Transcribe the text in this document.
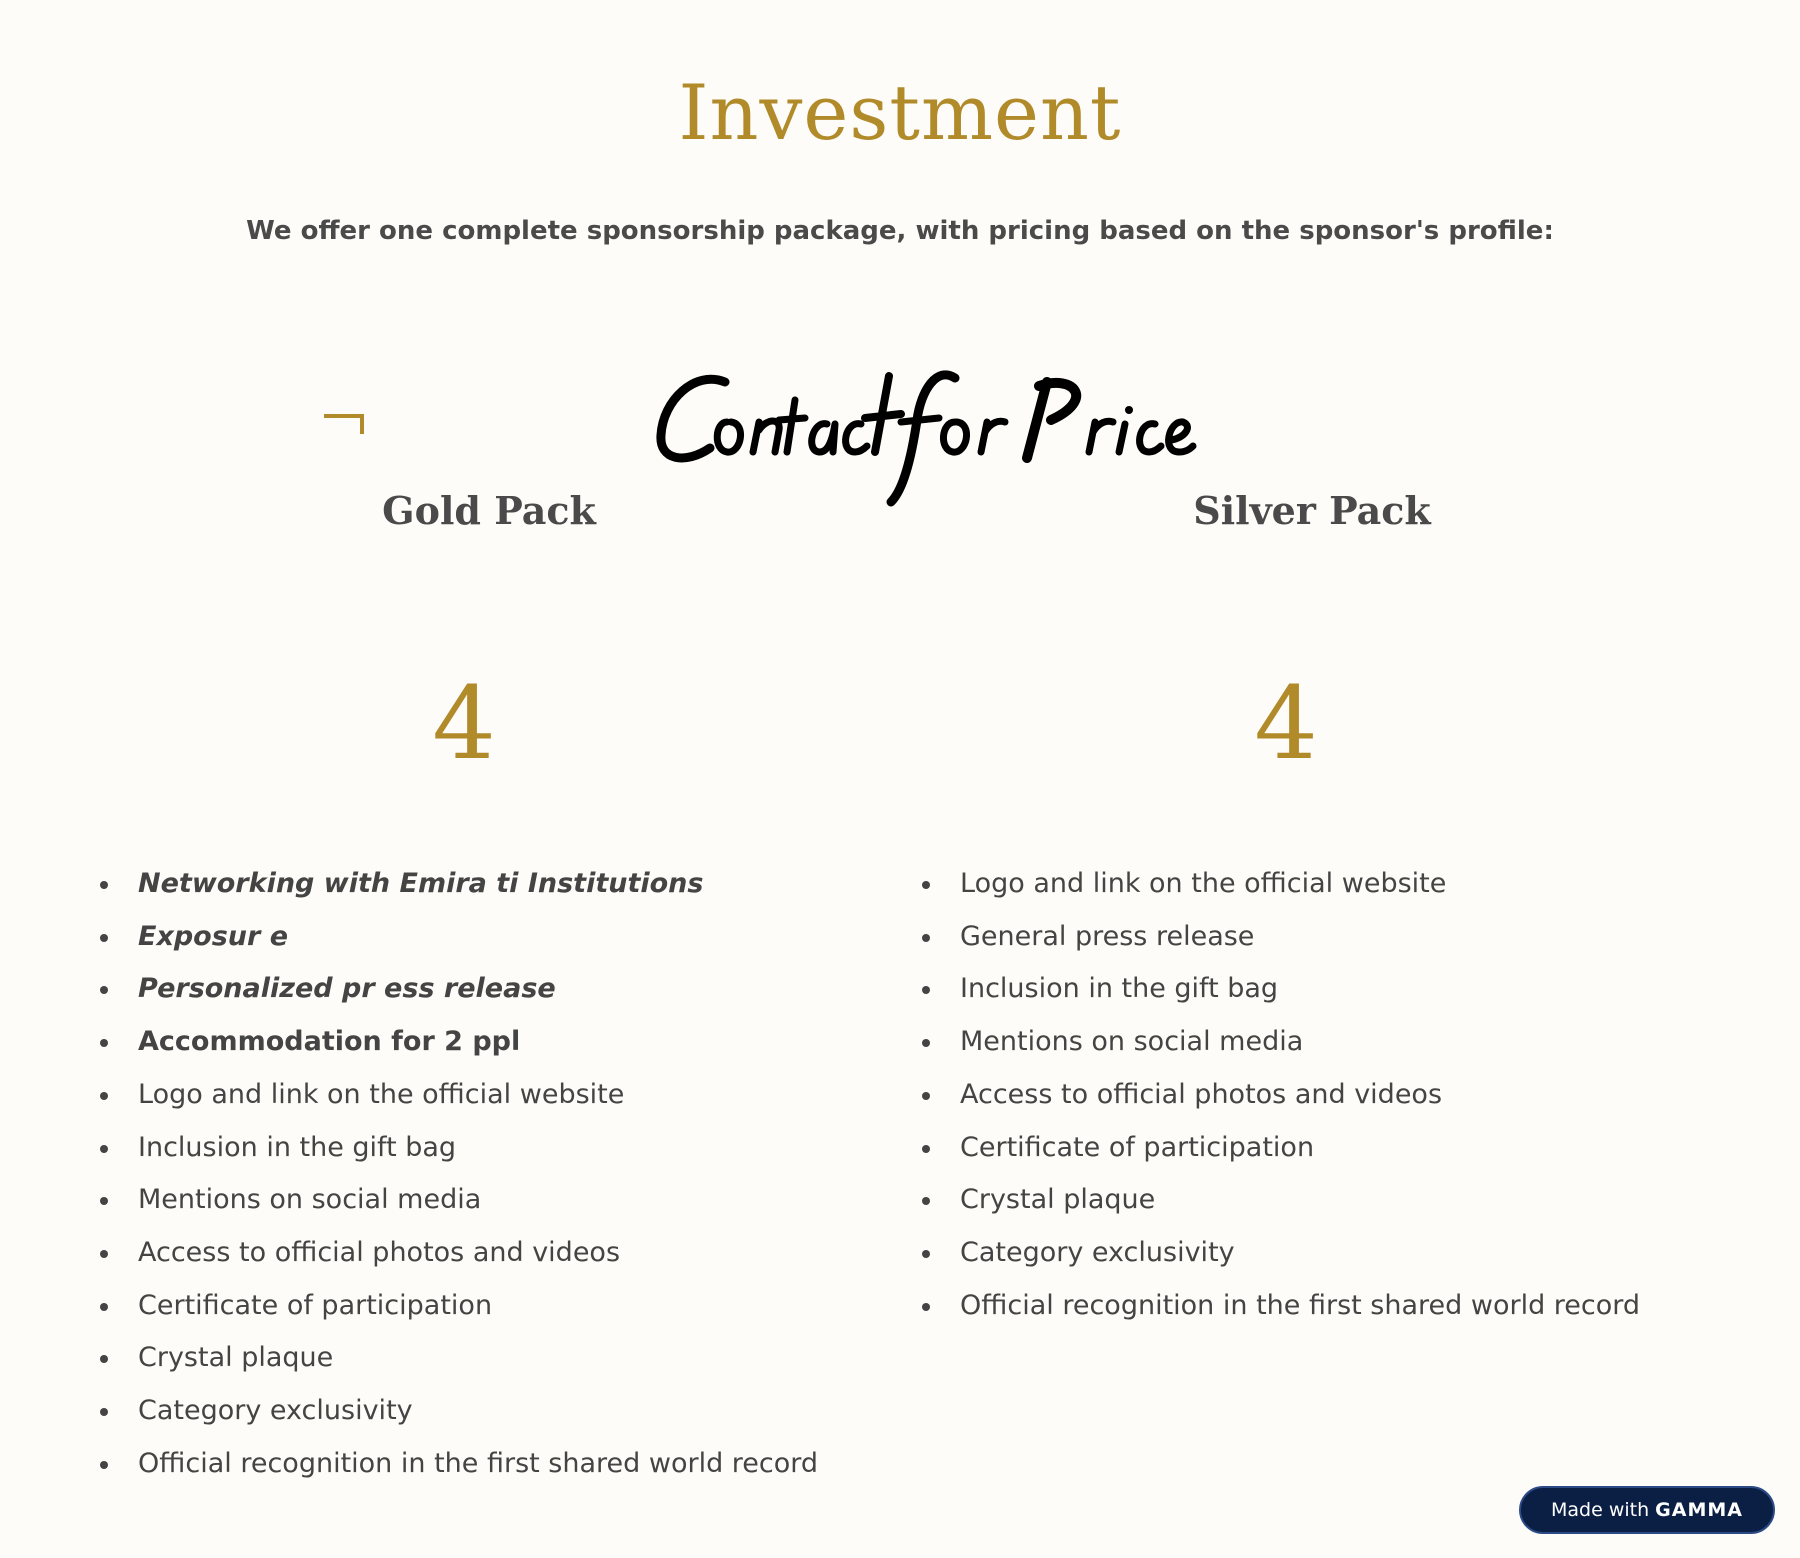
Investment

We offer one complete sponsorship package, with pricing based on the sponsor's profile:

Gold Pack	Silver Pack
4	4
Networking with Emira ti Institutions
Exposur e
Personalized pr ess release
Accommodation for 2 ppl
Logo and link on the official website
Inclusion in the gift bag
Mentions on social media
Access to official photos and videos
Certificate of participation
Crystal plaque
Category exclusivity
Official recognition in the first shared world record
Logo and link on the official website
General press release
Inclusion in the gift bag
Mentions on social media
Access to official photos and videos
Certificate of participation
Crystal plaque
Category exclusivity
Official recognition in the first shared world record
Made with GAMMA
